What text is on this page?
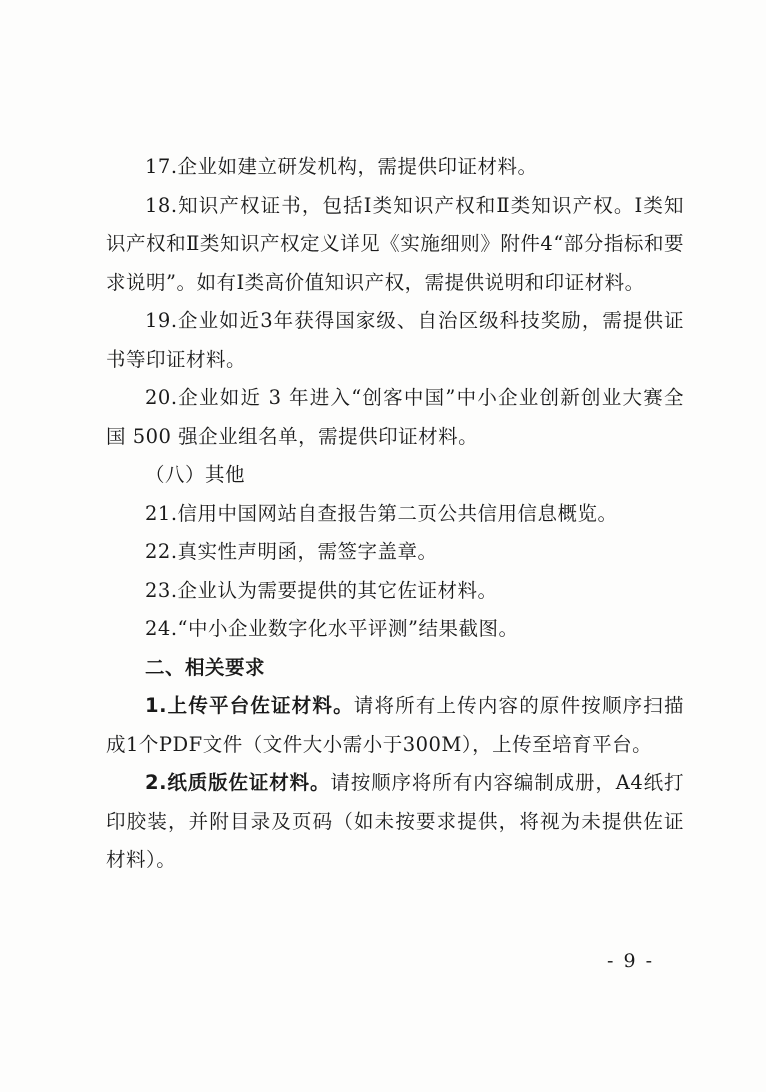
17.企业如建立研发机构，需提供印证材料。

18.知识产权证书，包括Ⅰ类知识产权和Ⅱ类知识产权。Ⅰ类知识产权和Ⅱ类知识产权定义详见《实施细则》附件4“部分指标和要求说明”。如有Ⅰ类高价值知识产权，需提供说明和印证材料。

19.企业如近3年获得国家级、自治区级科技奖励，需提供证书等印证材料。

20.企业如近 3 年进入“创客中国”中小企业创新创业大赛全国 500 强企业组名单，需提供印证材料。

（八）其他

21.信用中国网站自查报告第二页公共信用信息概览。

22.真实性声明函，需签字盖章。

23.企业认为需要提供的其它佐证材料。

24.“中小企业数字化水平评测”结果截图。

二、相关要求

1.上传平台佐证材料。请将所有上传内容的原件按顺序扫描成1个PDF文件（文件大小需小于300M），上传至培育平台。

2.纸质版佐证材料。请按顺序将所有内容编制成册，A4纸打印胶装，并附目录及页码（如未按要求提供，将视为未提供佐证材料）。

- 9 -
